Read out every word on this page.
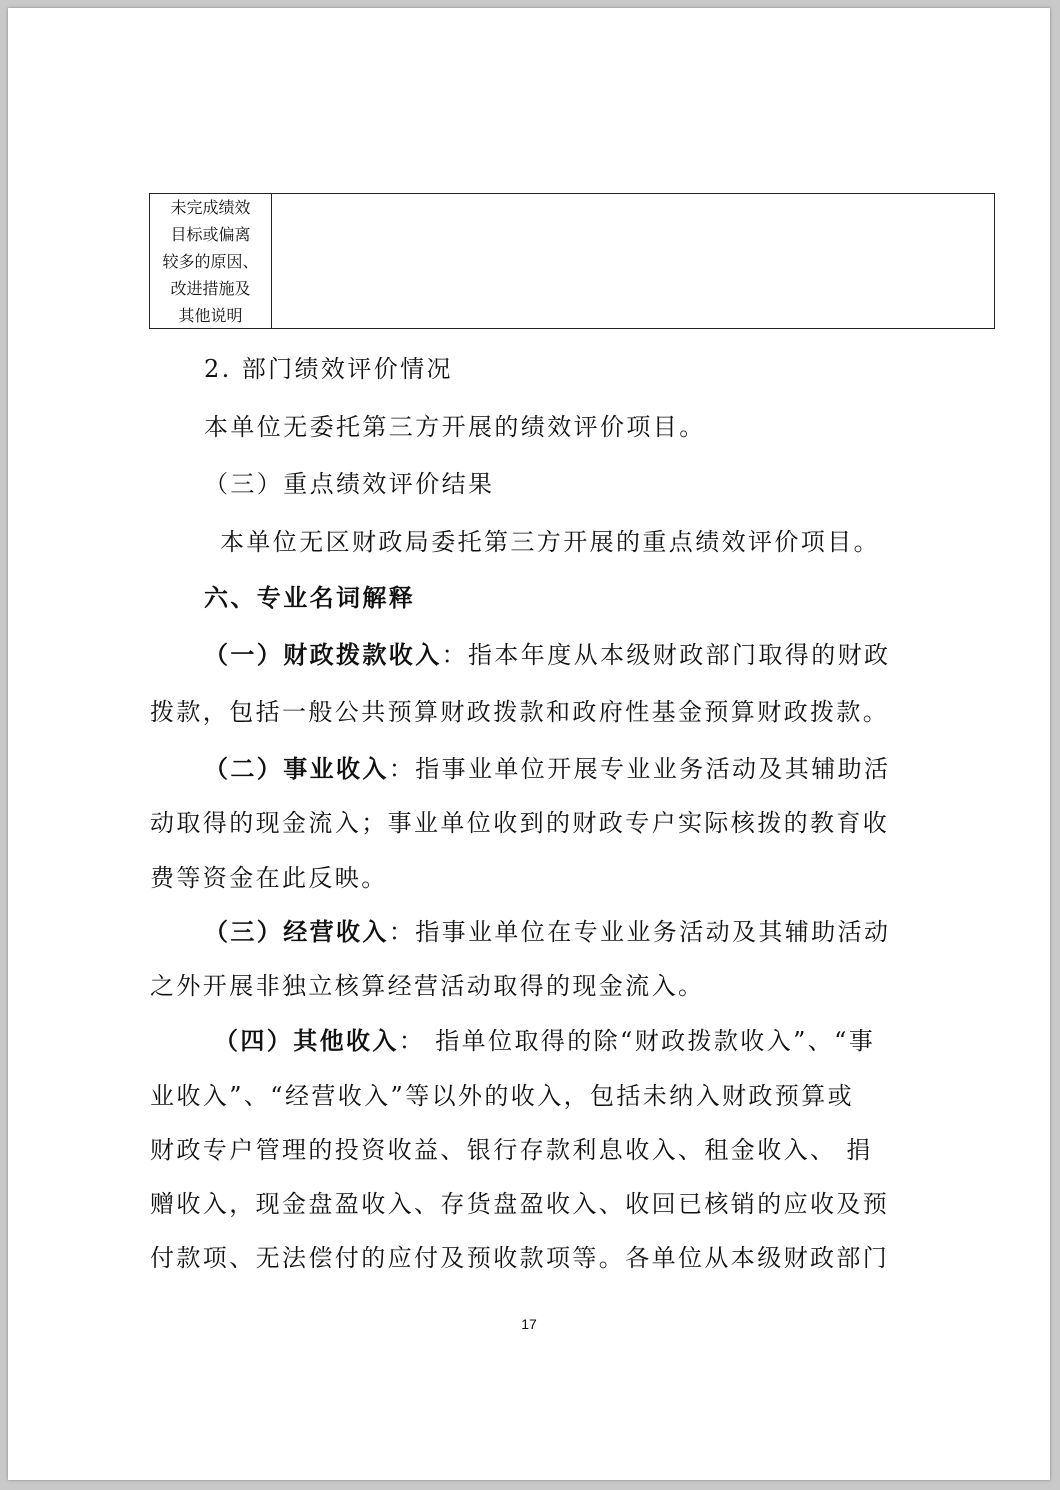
未完成绩效
目标或偏离
较多的原因、
改进措施及
其他说明
2. 部门绩效评价情况
本单位无委托第三方开展的绩效评价项目。
（三）重点绩效评价结果
本单位无区财政局委托第三方开展的重点绩效评价项目。
六、专业名词解释
（一）财政拨款收入：指本年度从本级财政部门取得的财政
拨款，包括一般公共预算财政拨款和政府性基金预算财政拨款。
（二）事业收入：指事业单位开展专业业务活动及其辅助活
动取得的现金流入；事业单位收到的财政专户实际核拨的教育收
费等资金在此反映。
（三）经营收入：指事业单位在专业业务活动及其辅助活动
之外开展非独立核算经营活动取得的现金流入。
（四）其他收入： 指单位取得的除“财政拨款收入”、“事
业收入”、“经营收入”等以外的收入，包括未纳入财政预算或
财政专户管理的投资收益、银行存款利息收入、租金收入、 捐
赠收入，现金盘盈收入、存货盘盈收入、收回已核销的应收及预
付款项、无法偿付的应付及预收款项等。各单位从本级财政部门
17
